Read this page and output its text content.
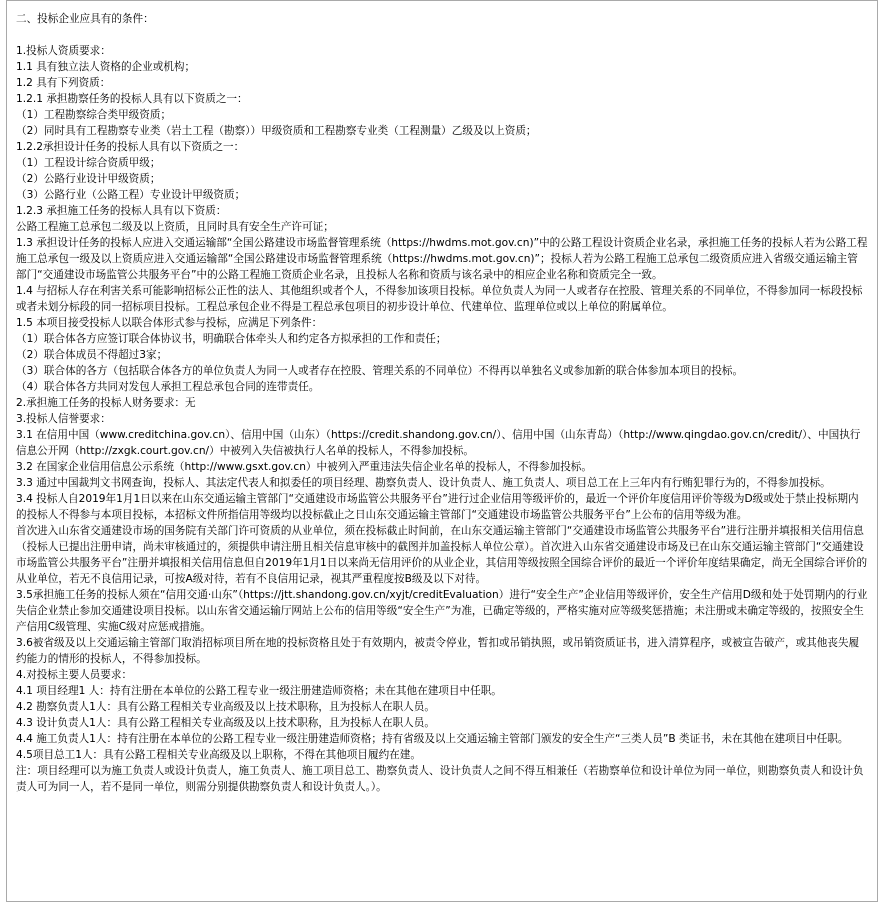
二、投标企业应具有的条件：

1.投标人资质要求：

1.1 具有独立法人资格的企业或机构；

1.2 具有下列资质：

1.2.1 承担勘察任务的投标人具有以下资质之一：

（1）工程勘察综合类甲级资质；

（2）同时具有工程勘察专业类（岩土工程（勘察））甲级资质和工程勘察专业类（工程测量）乙级及以上资质；

1.2.2承担设计任务的投标人具有以下资质之一：

（1）工程设计综合资质甲级；

（2）公路行业设计甲级资质；

（3）公路行业（公路工程）专业设计甲级资质；

1.2.3 承担施工任务的投标人具有以下资质：

公路工程施工总承包二级及以上资质，且同时具有安全生产许可证；

1.3 承担设计任务的投标人应进入交通运输部“全国公路建设市场监督管理系统（https://hwdms.mot.gov.cn)”中的公路工程设计资质企业名录，承担施工任务的投标人若为公路工程施工总承包一级及以上资质应进入交通运输部“全国公路建设市场监督管理系统（https://hwdms.mot.gov.cn)”；投标人若为公路工程施工总承包二级资质应进入省级交通运输主管部门“交通建设市场监管公共服务平台”中的公路工程施工资质企业名录，且投标人名称和资质与该名录中的相应企业名称和资质完全一致。

1.4 与招标人存在利害关系可能影响招标公正性的法人、其他组织或者个人，不得参加该项目投标。单位负责人为同一人或者存在控股、管理关系的不同单位，不得参加同一标段投标或者未划分标段的同一招标项目投标。工程总承包企业不得是工程总承包项目的初步设计单位、代建单位、监理单位或以上单位的附属单位。

1.5 本项目接受投标人以联合体形式参与投标，应满足下列条件：

（1）联合体各方应签订联合体协议书，明确联合体牵头人和约定各方拟承担的工作和责任；

（2）联合体成员不得超过3家；

（3）联合体的各方（包括联合体各方的单位负责人为同一人或者存在控股、管理关系的不同单位）不得再以单独名义或参加新的联合体参加本项目的投标。

（4）联合体各方共同对发包人承担工程总承包合同的连带责任。

2.承担施工任务的投标人财务要求：无

3.投标人信誉要求：

3.1 在信用中国（www.creditchina.gov.cn）、信用中国（山东）（https://credit.shandong.gov.cn/）、信用中国（山东青岛）（http://www.qingdao.gov.cn/credit/）、中国执行信息公开网（http://zxgk.court.gov.cn/）中被列入失信被执行人名单的投标人，不得参加投标。

3.2 在国家企业信用信息公示系统（http://www.gsxt.gov.cn）中被列入严重违法失信企业名单的投标人，不得参加投标。

3.3 通过中国裁判文书网查询，投标人、其法定代表人和拟委任的项目经理、勘察负责人、设计负责人、施工负责人、项目总工在上三年内有行贿犯罪行为的，不得参加投标。

3.4 投标人自2019年1月1日以来在山东交通运输主管部门“交通建设市场监管公共服务平台”进行过企业信用等级评价的，最近一个评价年度信用评价等级为D级或处于禁止投标期内的投标人不得参与本项目投标，本招标文件所指信用等级均以投标截止之日山东交通运输主管部门“交通建设市场监管公共服务平台”上公布的信用等级为准。

首次进入山东省交通建设市场的国务院有关部门许可资质的从业单位，须在投标截止时间前，在山东交通运输主管部门“交通建设市场监管公共服务平台”进行注册并填报相关信用信息（投标人已提出注册申请，尚未审核通过的，须提供申请注册且相关信息审核中的截图并加盖投标人单位公章）。首次进入山东省交通建设市场及已在山东交通运输主管部门“交通建设市场监管公共服务平台”注册并填报相关信用信息但自2019年1月1日以来尚无信用评价的从业企业，其信用等级按照全国综合评价的最近一个评价年度结果确定，尚无全国综合评价的从业单位，若无不良信用记录，可按A级对待，若有不良信用记录，视其严重程度按B级及以下对待。

3.5承担施工任务的投标人须在“信用交通·山东”（https://jtt.shandong.gov.cn/xyjt/creditEvaluation）进行“安全生产”企业信用等级评价，安全生产信用D级和处于处罚期内的行业失信企业禁止参加交通建设项目投标。以山东省交通运输厅网站上公布的信用等级“安全生产”为准，已确定等级的，严格实施对应等级奖惩措施；未注册或未确定等级的，按照安全生产信用C级管理、实施C级对应惩戒措施。

3.6被省级及以上交通运输主管部门取消招标项目所在地的投标资格且处于有效期内，被责令停业，暂扣或吊销执照，或吊销资质证书，进入清算程序，或被宣告破产，或其他丧失履约能力的情形的投标人，不得参加投标。

4.对投标主要人员要求：

4.1 项目经理1 人：持有注册在本单位的公路工程专业一级注册建造师资格；未在其他在建项目中任职。

4.2 勘察负责人1人：具有公路工程相关专业高级及以上技术职称，且为投标人在职人员。

4.3 设计负责人1人：具有公路工程相关专业高级及以上技术职称，且为投标人在职人员。

4.4 施工负责人1人：持有注册在本单位的公路工程专业一级注册建造师资格；持有省级及以上交通运输主管部门颁发的安全生产“三类人员”B 类证书，未在其他在建项目中任职。

4.5项目总工1人：具有公路工程相关专业高级及以上职称，不得在其他项目履约在建。

注：项目经理可以为施工负责人或设计负责人，施工负责人、施工项目总工、勘察负责人、设计负责人之间不得互相兼任（若勘察单位和设计单位为同一单位，则勘察负责人和设计负责人可为同一人，若不是同一单位，则需分别提供勘察负责人和设计负责人。）。
